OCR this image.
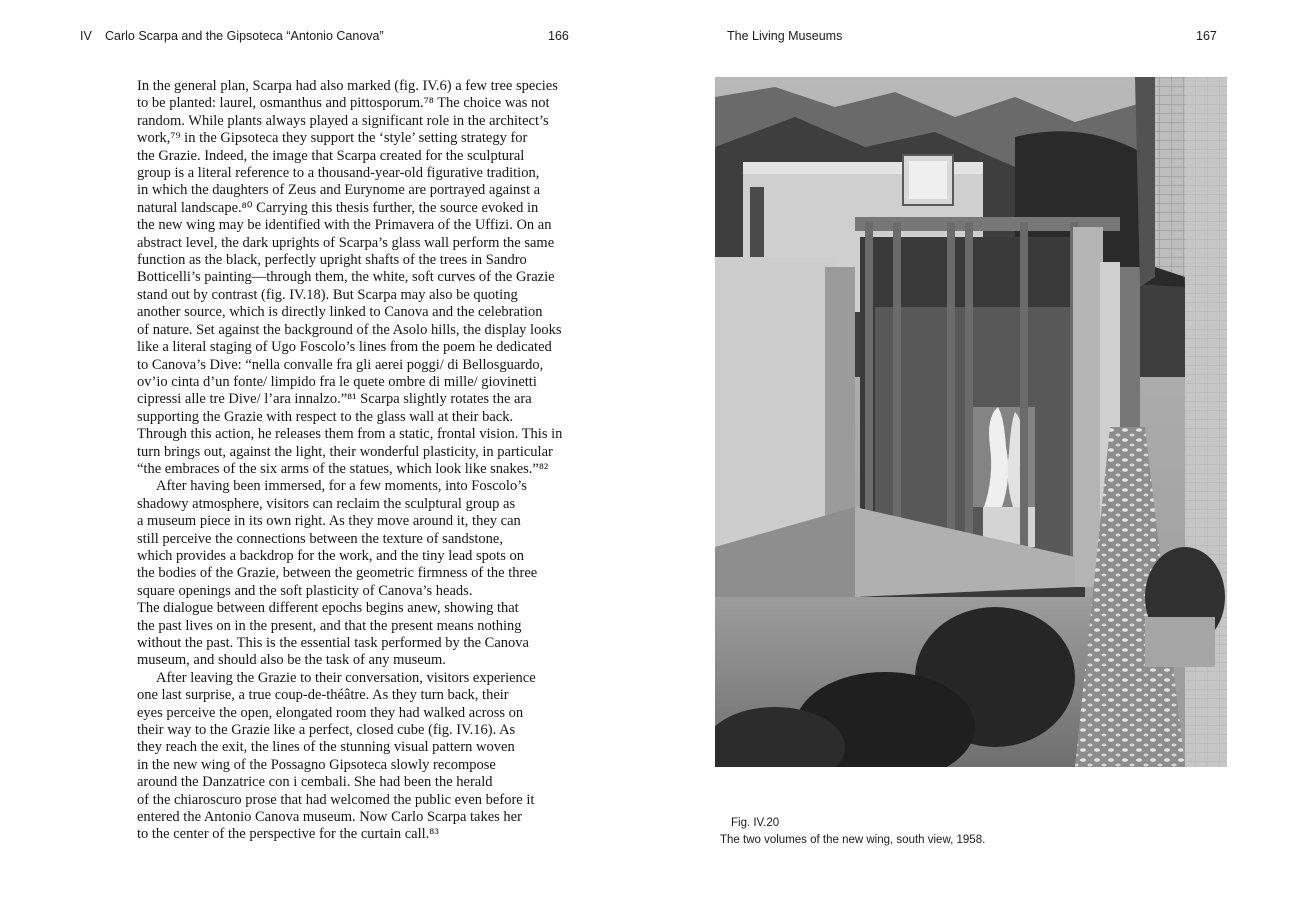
IV Carlo Scarpa and the Gipsoteca “Antonio Canova”	166
In the general plan, Scarpa had also marked (fig. IV.6) a few tree species
to be planted: laurel, osmanthus and pittosporum.⁷⁸ The choice was not
random. While plants always played a significant role in the architect’s
work,⁷⁹ in the Gipsoteca they support the ‘style’ setting strategy for
the Grazie. Indeed, the image that Scarpa created for the sculptural
group is a literal reference to a thousand-year-old figurative tradition,
in which the daughters of Zeus and Eurynome are portrayed against a
natural landscape.⁸⁰ Carrying this thesis further, the source evoked in
the new wing may be identified with the Primavera of the Uffizi. On an
abstract level, the dark uprights of Scarpa’s glass wall perform the same
function as the black, perfectly upright shafts of the trees in Sandro
Botticelli’s painting—through them, the white, soft curves of the Grazie
stand out by contrast (fig. IV.18). But Scarpa may also be quoting
another source, which is directly linked to Canova and the celebration
of nature. Set against the background of the Asolo hills, the display looks
like a literal staging of Ugo Foscolo’s lines from the poem he dedicated
to Canova’s Dive: “nella convalle fra gli aerei poggi/ di Bellosguardo,
ov’io cinta d’un fonte/ limpido fra le quete ombre di mille/ giovinetti
cipressi alle tre Dive/ l’ara innalzo.”⁸¹ Scarpa slightly rotates the ara
supporting the Grazie with respect to the glass wall at their back.
Through this action, he releases them from a static, frontal vision. This in
turn brings out, against the light, their wonderful plasticity, in particular
“the embraces of the six arms of the statues, which look like snakes.”⁸²
After having been immersed, for a few moments, into Foscolo’s
shadowy atmosphere, visitors can reclaim the sculptural group as
a museum piece in its own right. As they move around it, they can
still perceive the connections between the texture of sandstone,
which provides a backdrop for the work, and the tiny lead spots on
the bodies of the Grazie, between the geometric firmness of the three
square openings and the soft plasticity of Canova’s heads.
The dialogue between different epochs begins anew, showing that
the past lives on in the present, and that the present means nothing
without the past. This is the essential task performed by the Canova
museum, and should also be the task of any museum.
After leaving the Grazie to their conversation, visitors experience
one last surprise, a true coup-de-théâtre. As they turn back, their
eyes perceive the open, elongated room they had walked across on
their way to the Grazie like a perfect, closed cube (fig. IV.16). As
they reach the exit, the lines of the stunning visual pattern woven
in the new wing of the Possagno Gipsoteca slowly recompose
around the Danzatrice con i cembali. She had been the herald
of the chiaroscuro prose that had welcomed the public even before it
entered the Antonio Canova museum. Now Carlo Scarpa takes her
to the center of the perspective for the curtain call.⁸³
The Living Museums	167
Fig. IV.20
The two volumes of the new wing, south view, 1958.
